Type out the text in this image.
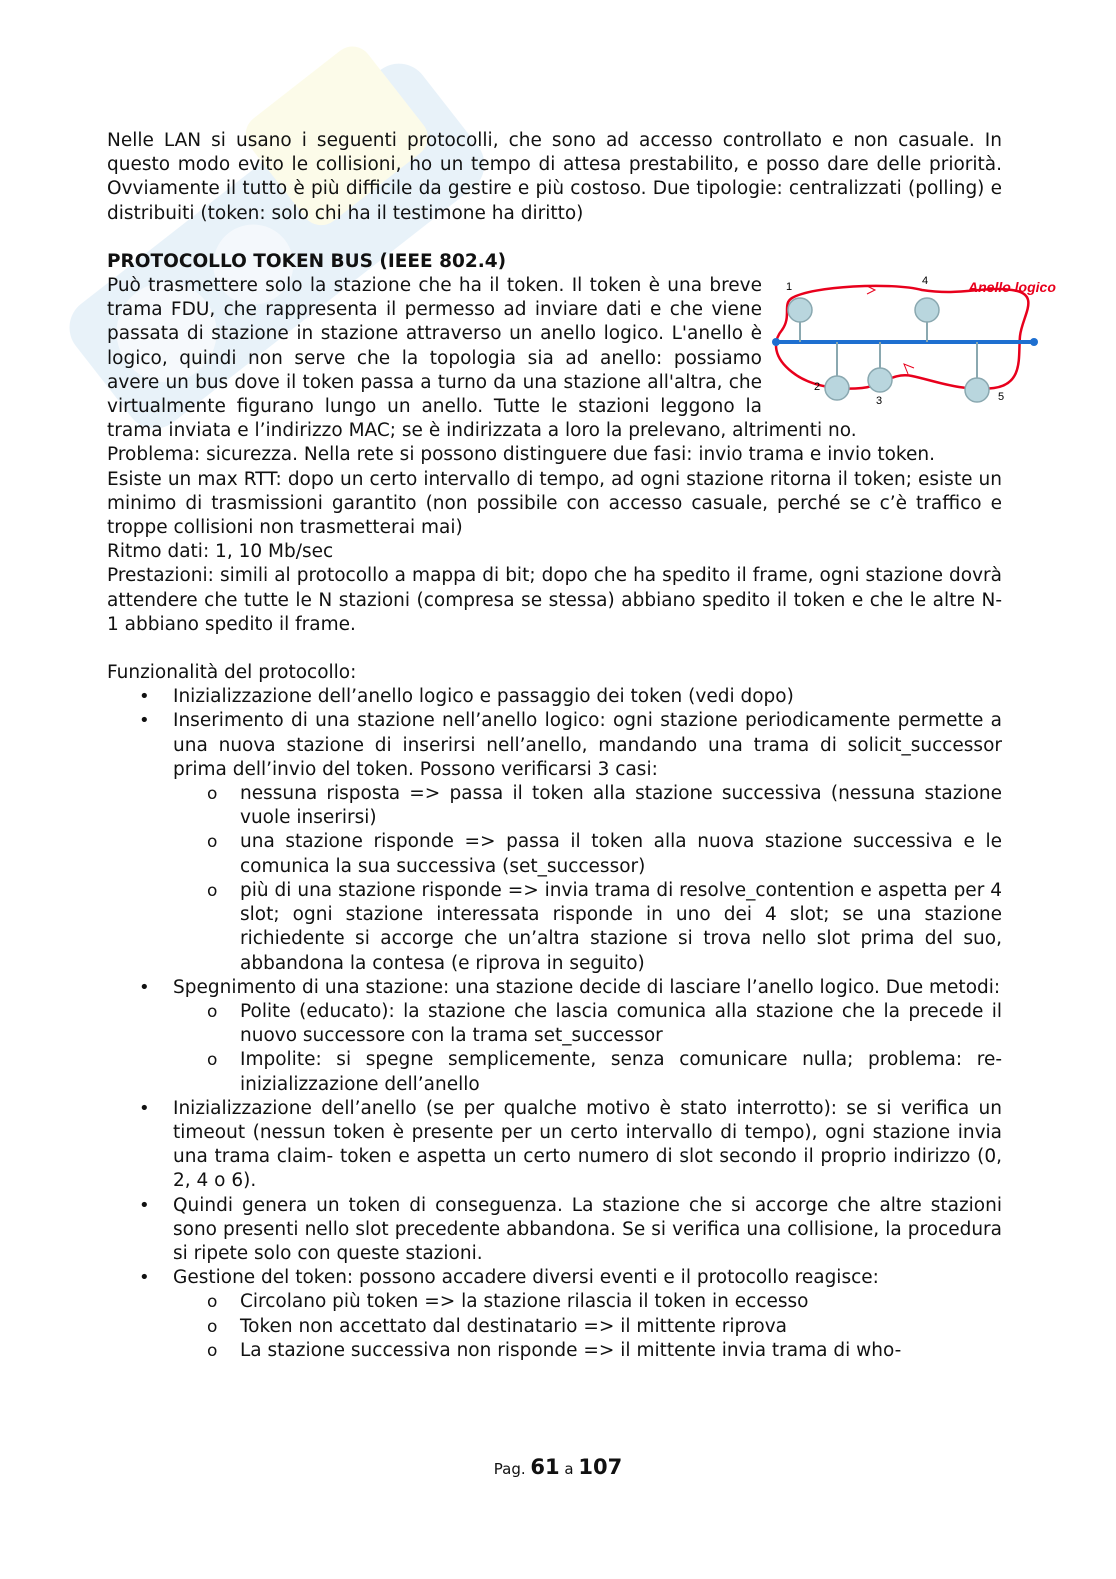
Nelle LAN si usano i seguenti protocolli, che sono ad accesso controllato e non casuale. In questo modo evito le collisioni, ho un tempo di attesa prestabilito, e posso dare delle priorità. Ovviamente il tutto è più difficile da gestire e più costoso. Due tipologie: centralizzati (polling) e distribuiti (token: solo chi ha il testimone ha diritto)

PROTOCOLLO TOKEN BUS (IEEE 802.4)
1	4
2
3	5
Anello logico

Può trasmettere solo la stazione che ha il token. Il token è una breve trama FDU, che rappresenta il permesso ad inviare dati e che viene passata di stazione in stazione attraverso un anello logico. L'anello è logico, quindi non serve che la topologia sia ad anello: possiamo avere un bus dove il token passa a turno da una stazione all'altra, che virtualmente figurano lungo un anello. Tutte le stazioni leggono la trama inviata e l’indirizzo MAC; se è indirizzata a loro la prelevano, altrimenti no.

Problema: sicurezza. Nella rete si possono distinguere due fasi: invio trama e invio token.

Esiste un max RTT: dopo un certo intervallo di tempo, ad ogni stazione ritorna il token; esiste un minimo di trasmissioni garantito (non possibile con accesso casuale, perché se c’è traffico e troppe collisioni non trasmetterai mai)

Ritmo dati: 1, 10 Mb/sec

Prestazioni: simili al protocollo a mappa di bit; dopo che ha spedito il frame, ogni stazione dovrà attendere che tutte le N stazioni (compresa se stessa) abbiano spedito il token e che le altre N-1 abbiano spedito il frame.

Funzionalità del protocollo:

• Inizializzazione dell’anello logico e passaggio dei token (vedi dopo)
• Inserimento di una stazione nell’anello logico: ogni stazione periodicamente permette a una nuova stazione di inserirsi nell’anello, mandando una trama di solicit_successor prima dell’invio del token. Possono verificarsi 3 casi:
o nessuna risposta => passa il token alla stazione successiva (nessuna stazione vuole inserirsi)
o una stazione risponde => passa il token alla nuova stazione successiva e le comunica la sua successiva (set_successor)
o più di una stazione risponde => invia trama di resolve_contention e aspetta per 4 slot; ogni stazione interessata risponde in uno dei 4 slot; se una stazione richiedente si accorge che un’altra stazione si trova nello slot prima del suo, abbandona la contesa (e riprova in seguito)
• Spegnimento di una stazione: una stazione decide di lasciare l’anello logico. Due metodi:
o Polite (educato): la stazione che lascia comunica alla stazione che la precede il nuovo successore con la trama set_successor
o Impolite: si spegne semplicemente, senza comunicare nulla; problema: re-inizializzazione dell’anello
• Inizializzazione dell’anello (se per qualche motivo è stato interrotto): se si verifica un timeout (nessun token è presente per un certo intervallo di tempo), ogni stazione invia una trama claim- token e aspetta un certo numero di slot secondo il proprio indirizzo (0, 2, 4 o 6).
• Quindi genera un token di conseguenza. La stazione che si accorge che altre stazioni sono presenti nello slot precedente abbandona. Se si verifica una collisione, la procedura si ripete solo con queste stazioni.
• Gestione del token: possono accadere diversi eventi e il protocollo reagisce:
o Circolano più token => la stazione rilascia il token in eccesso
o Token non accettato dal destinatario => il mittente riprova
o La stazione successiva non risponde => il mittente invia trama di who-
Pag. 61 a 107
